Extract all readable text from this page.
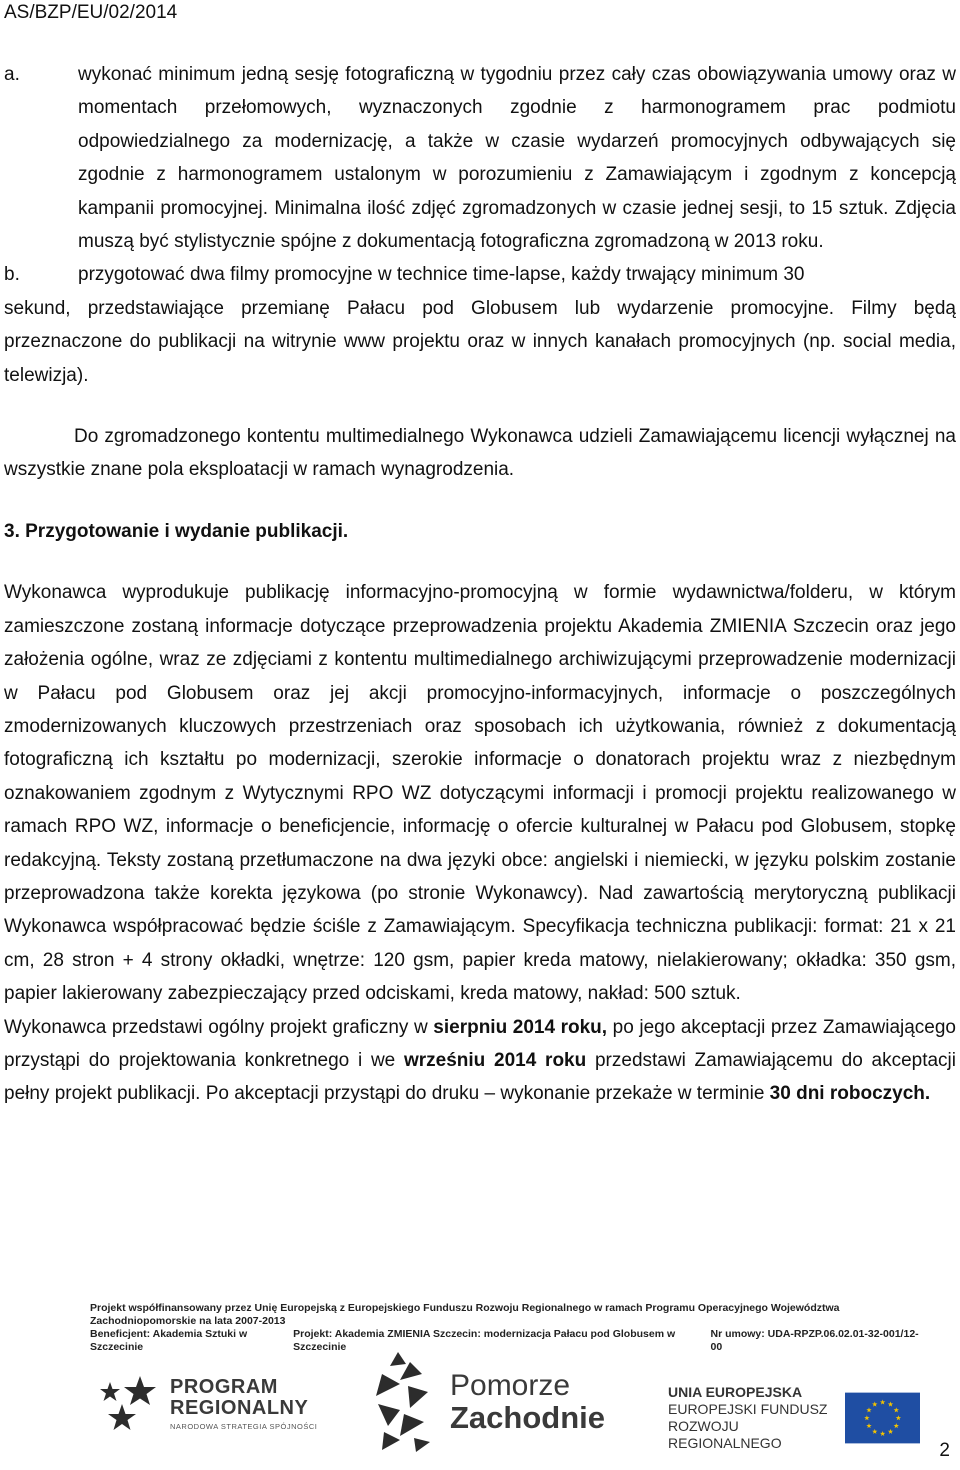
AS/BZP/EU/02/2014
a.	wykonać minimum jedną sesję fotograficzną w tygodniu przez cały czas obowiązywania umowy oraz w momentach przełomowych, wyznaczonych zgodnie z harmonogramem prac podmiotu odpowiedzialnego za modernizację, a także w czasie wydarzeń promocyjnych odbywających się zgodnie z harmonogramem ustalonym w porozumieniu z Zamawiającym i zgodnym z koncepcją kampanii promocyjnej. Minimalna ilość zdjęć zgromadzonych w czasie jednej sesji, to 15 sztuk. Zdjęcia muszą być stylistycznie spójne z dokumentacją fotograficzna zgromadzoną w 2013 roku.
b.	przygotować dwa filmy promocyjne w technice time-lapse, każdy trwający minimum 30

sekund, przedstawiające przemianę Pałacu pod Globusem lub wydarzenie promocyjne. Filmy będą przeznaczone do publikacji na witrynie www projektu oraz w innych kanałach promocyjnych (np. social media, telewizja).

Do zgromadzonego kontentu multimedialnego Wykonawca udzieli Zamawiającemu licencji wyłącznej na wszystkie znane pola eksploatacji w ramach wynagrodzenia.

3. Przygotowanie i wydanie publikacji.

Wykonawca wyprodukuje publikację informacyjno-promocyjną w formie wydawnictwa/folderu, w którym zamieszczone zostaną informacje dotyczące przeprowadzenia projektu Akademia ZMIENIA Szczecin oraz jego założenia ogólne, wraz ze zdjęciami z kontentu multimedialnego archiwizującymi przeprowadzenie modernizacji w Pałacu pod Globusem oraz jej akcji promocyjno-informacyjnych, informacje o poszczególnych zmodernizowanych kluczowych przestrzeniach oraz sposobach ich użytkowania, również z dokumentacją fotograficzną ich kształtu po modernizacji, szerokie informacje o donatorach projektu wraz z niezbędnym oznakowaniem zgodnym z Wytycznymi RPO WZ dotyczącymi informacji i promocji projektu realizowanego w ramach RPO WZ, informacje o beneficjencie, informację o ofercie kulturalnej w Pałacu pod Globusem, stopkę redakcyjną. Teksty zostaną przetłumaczone na dwa języki obce: angielski i niemiecki, w języku polskim zostanie przeprowadzona także korekta językowa (po stronie Wykonawcy). Nad zawartością merytoryczną publikacji Wykonawca współpracować będzie ściśle z Zamawiającym. Specyfikacja techniczna publikacji: format: 21 x 21 cm, 28 stron + 4 strony okładki, wnętrze: 120 gsm, papier kreda matowy, nielakierowany; okładka: 350 gsm, papier lakierowany zabezpieczający przed odciskami, kreda matowy, nakład: 500 sztuk.

Wykonawca przedstawi ogólny projekt graficzny w sierpniu 2014 roku, po jego akceptacji przez Zamawiającego przystąpi do projektowania konkretnego i we wrześniu 2014 roku przedstawi Zamawiającemu do akceptacji pełny projekt publikacji. Po akceptacji przystąpi do druku – wykonanie przekaże w terminie 30 dni roboczych.

Projekt współfinansowany przez Unię Europejską z Europejskiego Funduszu Rozwoju Regionalnego w ramach Programu Operacyjnego Województwa Zachodniopomorskie na lata 2007-2013
Beneficjent: Akademia Sztuki w Szczecinie
Projekt: Akademia ZMIENIA Szczecin: modernizacja Pałacu pod Globusem w Szczecinie
Nr umowy: UDA-RPZP.06.02.01-32-001/12-00
PROGRAM
REGIONALNY
NARODOWA STRATEGIA SPÓJNOŚCI
Pomorze
Zachodnie
UNIA EUROPEJSKA
EUROPEJSKI FUNDUSZ
ROZWOJU REGIONALNEGO	2
